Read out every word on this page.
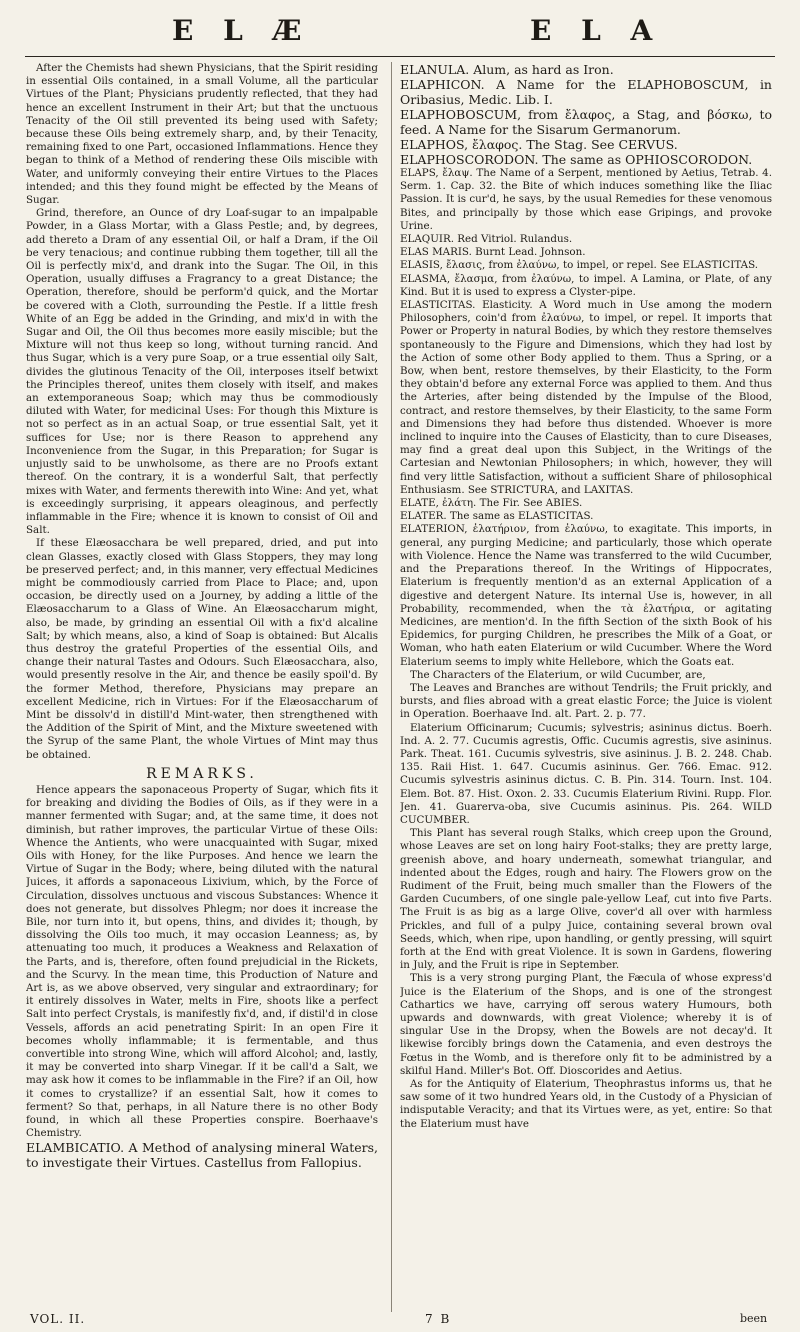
E L Æ	E L A

After the Chemists had shewn Physicians, that the Spirit residing in essential Oils contained, in a small Volume, all the particular Virtues of the Plant; Physicians prudently reflected, that they had hence an excellent Instrument in their Art; but that the unctuous Tenacity of the Oil still prevented its being used with Safety; because these Oils being extremely sharp, and, by their Tenacity, remaining fixed to one Part, occasioned Inflammations. Hence they began to think of a Method of rendering these Oils miscible with Water, and uniformly conveying their entire Virtues to the Places intended; and this they found might be effected by the Means of Sugar.

Grind, therefore, an Ounce of dry Loaf-sugar to an impalpable Powder, in a Glass Mortar, with a Glass Pestle; and, by degrees, add thereto a Dram of any essential Oil, or half a Dram, if the Oil be very tenacious; and continue rubbing them together, till all the Oil is perfectly mix'd, and drank into the Sugar. The Oil, in this Operation, usually diffuses a Fragrancy to a great Distance; the Operation, therefore, should be perform'd quick, and the Mortar be covered with a Cloth, surrounding the Pestle. If a little fresh White of an Egg be added in the Grinding, and mix'd in with the Sugar and Oil, the Oil thus becomes more easily miscible; but the Mixture will not thus keep so long, without turning rancid. And thus Sugar, which is a very pure Soap, or a true essential oily Salt, divides the glutinous Tenacity of the Oil, interposes itself betwixt the Principles thereof, unites them closely with itself, and makes an extemporaneous Soap; which may thus be commodiously diluted with Water, for medicinal Uses: For though this Mixture is not so perfect as in an actual Soap, or true essential Salt, yet it suffices for Use; nor is there Reason to apprehend any Inconvenience from the Sugar, in this Preparation; for Sugar is unjustly said to be unwholsome, as there are no Proofs extant thereof. On the contrary, it is a wonderful Salt, that perfectly mixes with Water, and ferments therewith into Wine: And yet, what is exceedingly surprising, it appears oleaginous, and perfectly inflammable in the Fire; whence it is known to consist of Oil and Salt.

If these Elæosacchara be well prepared, dried, and put into clean Glasses, exactly closed with Glass Stoppers, they may long be preserved perfect; and, in this manner, very effectual Medicines might be commodiously carried from Place to Place; and, upon occasion, be directly used on a Journey, by adding a little of the Elæosaccharum to a Glass of Wine. An Elæosaccharum might, also, be made, by grinding an essential Oil with a fix'd alcaline Salt; by which means, also, a kind of Soap is obtained: But Alcalis thus destroy the grateful Properties of the essential Oils, and change their natural Tastes and Odours. Such Elæosacchara, also, would presently resolve in the Air, and thence be easily spoil'd. By the former Method, therefore, Physicians may prepare an excellent Medicine, rich in Virtues: For if the Elæosaccharum of Mint be dissolv'd in distill'd Mint-water, then strengthened with the Addition of the Spirit of Mint, and the Mixture sweetened with the Syrup of the same Plant, the whole Virtues of Mint may thus be obtained.

REMARKS.

Hence appears the saponaceous Property of Sugar, which fits it for breaking and dividing the Bodies of Oils, as if they were in a manner fermented with Sugar; and, at the same time, it does not diminish, but rather improves, the particular Virtue of these Oils: Whence the Antients, who were unacquainted with Sugar, mixed Oils with Honey, for the like Purposes. And hence we learn the Virtue of Sugar in the Body; where, being diluted with the natural Juices, it affords a saponaceous Lixivium, which, by the Force of Circulation, dissolves unctuous and viscous Substances: Whence it does not generate, but dissolves Phlegm; nor does it increase the Bile, nor turn into it, but opens, thins, and divides it; though, by dissolving the Oils too much, it may occasion Leanness; as, by attenuating too much, it produces a Weakness and Relaxation of the Parts, and is, therefore, often found prejudicial in the Rickets, and the Scurvy. In the mean time, this Production of Nature and Art is, as we above observed, very singular and extraordinary; for it entirely dissolves in Water, melts in Fire, shoots like a perfect Salt into perfect Crystals, is manifestly fix'd, and, if distil'd in close Vessels, affords an acid penetrating Spirit: In an open Fire it becomes wholly inflammable; it is fermentable, and thus convertible into strong Wine, which will afford Alcohol; and, lastly, it may be converted into sharp Vinegar. If it be call'd a Salt, we may ask how it comes to be inflammable in the Fire? if an Oil, how it comes to crystallize? if an essential Salt, how it comes to ferment? So that, perhaps, in all Nature there is no other Body found, in which all these Properties conspire. Boerhaave's Chemistry.

ELAMBICATIO. A Method of analysing mineral Waters, to investigate their Virtues. Castellus from Fallopius.

ELANULA. Alum, as hard as Iron.

ELAPHICON. A Name for the ELAPHOBOSCUM, in Oribasius, Medic. Lib. I.

ELAPHOBOSCUM, from ἔλαφος, a Stag, and βόσκω, to feed. A Name for the Sisarum Germanorum.

ELAPHOS, ἔλαφος. The Stag. See CERVUS.

ELAPHOSCORODON. The same as OPHIOSCORODON.

ELAPS, ἔλαψ. The Name of a Serpent, mentioned by Aetius, Tetrab. 4. Serm. 1. Cap. 32. the Bite of which induces something like the Iliac Passion. It is cur'd, he says, by the usual Remedies for these venomous Bites, and principally by those which ease Gripings, and provoke Urine.

ELAQUIR. Red Vitriol. Rulandus.

ELAS MARIS. Burnt Lead. Johnson.

ELASIS, ἔλασις, from ἐλαύνω, to impel, or repel. See ELASTICITAS.

ELASMA, ἔλασμα, from ἐλαύνω, to impel. A Lamina, or Plate, of any Kind. But it is used to express a Clyster-pipe.

ELASTICITAS. Elasticity. A Word much in Use among the modern Philosophers, coin'd from ἐλαύνω, to impel, or repel. It imports that Power or Property in natural Bodies, by which they restore themselves spontaneously to the Figure and Dimensions, which they had lost by the Action of some other Body applied to them. Thus a Spring, or a Bow, when bent, restore themselves, by their Elasticity, to the Form they obtain'd before any external Force was applied to them. And thus the Arteries, after being distended by the Impulse of the Blood, contract, and restore themselves, by their Elasticity, to the same Form and Dimensions they had before thus distended. Whoever is more inclined to inquire into the Causes of Elasticity, than to cure Diseases, may find a great deal upon this Subject, in the Writings of the Cartesian and Newtonian Philosophers; in which, however, they will find very little Satisfaction, without a sufficient Share of philosophical Enthusiasm. See STRICTURA, and LAXITAS.

ELATE, ἐλάτη. The Fir. See ABIES.

ELATER. The same as ELASTICITAS.

ELATERION, ἐλατήριον, from ἐλαύνω, to exagitate. This imports, in general, any purging Medicine; and particularly, those which operate with Violence. Hence the Name was transferred to the wild Cucumber, and the Preparations thereof. In the Writings of Hippocrates, Elaterium is frequently mention'd as an external Application of a digestive and detergent Nature. Its internal Use is, however, in all Probability, recommended, when the τὰ ἐλατήρια, or agitating Medicines, are mention'd. In the fifth Section of the sixth Book of his Epidemics, for purging Children, he prescribes the Milk of a Goat, or Woman, who hath eaten Elaterium or wild Cucumber. Where the Word Elaterium seems to imply white Hellebore, which the Goats eat.

The Characters of the Elaterium, or wild Cucumber, are,

The Leaves and Branches are without Tendrils; the Fruit prickly, and bursts, and flies abroad with a great elastic Force; the Juice is violent in Operation. Boerhaave Ind. alt. Part. 2. p. 77.

Elaterium Officinarum; Cucumis; sylvestris; asininus dictus. Boerh. Ind. A. 2. 77. Cucumis agrestis, Offic. Cucumis agrestis, sive asininus. Park. Theat. 161. Cucumis sylvestris, sive asininus. J. B. 2. 248. Chab. 135. Raii Hist. 1. 647. Cucumis asininus. Ger. 766. Emac. 912. Cucumis sylvestris asininus dictus. C. B. Pin. 314. Tourn. Inst. 104. Elem. Bot. 87. Hist. Oxon. 2. 33. Cucumis Elaterium Rivini. Rupp. Flor. Jen. 41. Guarerva-oba, sive Cucumis asininus. Pis. 264. WILD CUCUMBER.

This Plant has several rough Stalks, which creep upon the Ground, whose Leaves are set on long hairy Foot-stalks; they are pretty large, greenish above, and hoary underneath, somewhat triangular, and indented about the Edges, rough and hairy. The Flowers grow on the Rudiment of the Fruit, being much smaller than the Flowers of the Garden Cucumbers, of one single pale-yellow Leaf, cut into five Parts. The Fruit is as big as a large Olive, cover'd all over with harmless Prickles, and full of a pulpy Juice, containing several brown oval Seeds, which, when ripe, upon handling, or gently pressing, will squirt forth at the End with great Violence. It is sown in Gardens, flowering in July, and the Fruit is ripe in September.

This is a very strong purging Plant, the Fæcula of whose express'd Juice is the Elaterium of the Shops, and is one of the strongest Cathartics we have, carrying off serous watery Humours, both upwards and downwards, with great Violence; whereby it is of singular Use in the Dropsy, when the Bowels are not decay'd. It likewise forcibly brings down the Catamenia, and even destroys the Fœtus in the Womb, and is therefore only fit to be administred by a skilful Hand. Miller's Bot. Off. Dioscorides and Aetius.

As for the Antiquity of Elaterium, Theophrastus informs us, that he saw some of it two hundred Years old, in the Custody of a Physician of indisputable Veracity; and that its Virtues were, as yet, entire: So that the Elaterium must have

VOL. II.	7 B	been
